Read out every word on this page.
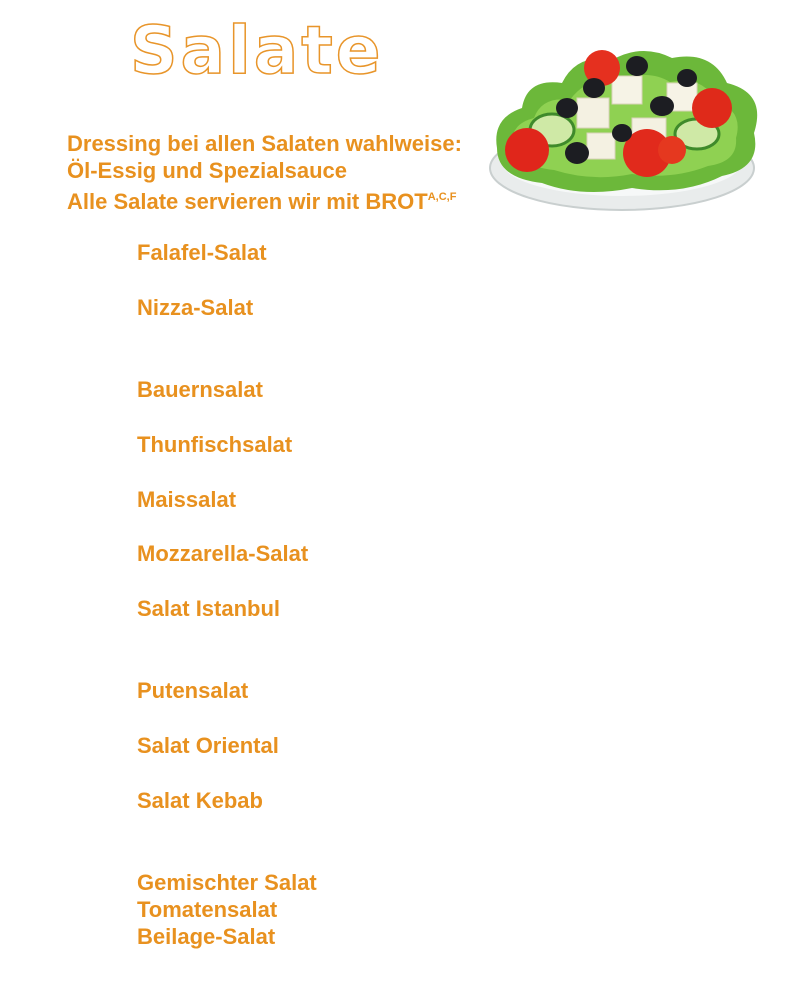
Salate
Dressing bei allen Salaten wahlweise:
Öl-Essig und Spezialsauce
Alle Salate servieren wir mit $BROT^{A,C,F}$
Falafel-Salat
Nizza-Salat
Bauernsalat
Thunfischsalat
Maissalat
Mozzarella-Salat
Salat Istanbul
Putensalat
Salat Oriental
Salat Kebab
Gemischter Salat
Tomatensalat
Beilage-Salat
